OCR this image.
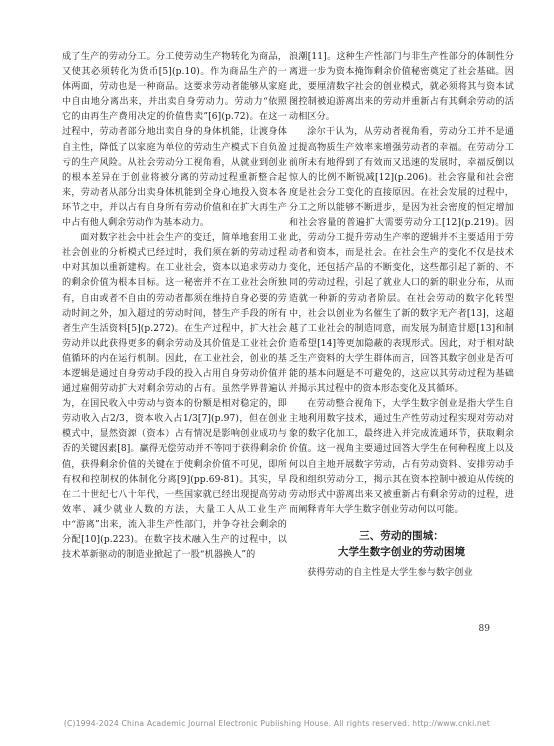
成了生产的劳动分工。分工使劳动生产物转化为商品，又使其必须转化为货币[5](p.10)。作为商品生产的一体两面，劳动也是一种商品。这要求劳动者能够从家庭中自由地分离出来，并出卖自身劳动力。劳动力“依照它的由再生产费用决定的价值售卖”[6](p.72)。在这一过程中，劳动者部分地出卖自身的身体机能，让渡身体自主性，降低了以家庭为单位的劳动生产模式下自负盈亏的生产风险。从社会劳动分工视角看，从就业到创业的根本差异在于创业将被分离的劳动过程重新整合起来，劳动者从部分出卖身体机能到全身心地投入资本各环节之中，并以占有自身所有劳动价值和在扩大再生产中占有他人剩余劳动作为基本动力。

面对数字社会中社会生产的变迁，简单地套用工业社会创业的分析模式已经过时，我们须在新的劳动过程中对其加以重新建构。在工业社会，资本以追求劳动力的剩余价值为根本目标。这一秘密并不在工业社会所独有，自由或者不自由的劳动者都须在维持自身必要的劳动时间之外，加入超过的劳动时间，替生产手段的所有者生产生活资料[5](p.272)。在生产过程中，扩大社会劳动并以此获得更多的剩余劳动及其价值是工业社会价值循环的内在运行机制。因此，在工业社会，创业的基本逻辑是通过自身劳动手段的投入占用自身劳动价值并通过雇佣劳动扩大对剩余劳动的占有。虽然学界普遍认为，在国民收入中劳动与资本的份额是相对稳定的，即劳动收入占2/3，资本收入占1/3[7](p.97)，但在创业模式中，显然资源（资本）占有情况是影响创业成功与否的关键因素[8]。赢得无偿劳动并不等同于获得剩余价值，获得剩余价值的关键在于使剩余价值不可见，即所有权和控制权的体制化分离[9](pp.69-81)。其实，早在二十世纪七八十年代，一些国家就已经出现提高劳动效率、减少就业人数的方法，大量工人从工业生产中“游离”出来，流入非生产性部门，并争夺社会剩余的分配[10](p.223)。在数字技术融入生产的过程中，以技术革新驱动的制造业掀起了一股“机器换人”的

浪潮[11]。这种生产性部门与非生产性部分的体制性分离进一步为资本掩饰剩余价值秘密奠定了社会基础。因此，要厘清数字社会的创业模式，就必须将其与资本试图控制被迫游离出来的劳动并重新占有其剩余劳动的活动相区分。

涂尔干认为，从劳动者视角看，劳动分工并不是通过提高物质生产效率来增强劳动者的幸福。在劳动分工前所未有地得到了有效而又迅速的发展时，幸福反倒以惊人的比例不断锐减[12](p.206)。社会容量和社会密度是社会分工变化的直接原因。在社会发展的过程中，分工之所以能够不断进步，是因为社会密度的恒定增加和社会容量的普遍扩大需要劳动分工[12](p.219)。因此，劳动分工提升劳动生产率的逻辑并不主要适用于劳动者和资本，而是社会。在社会生产的变化不仅是技术变化，还包括产品的不断变化，这些都引起了新的、不同的劳动过程，引起了就业人口的新的职业分布，从而造就一种新的劳动者阶层。在社会劳动的数字化转型中，社会以创业为名催生了新的数字无产者[13]，这超越了工业社会的制造同意，而发展为制造甘愿[13]和制造希望[14]等更加隐蔽的表现形式。因此，对于相对缺乏生产资料的大学生群体而言，回答其数字创业是否可能的基本问题是不可避免的，这应以其劳动过程为基础并揭示其过程中的资本形态变化及其循环。

在劳动整合视角下，大学生数字创业是指大学生自主地利用数字技术，通过生产性劳动过程实现对劳动对象的数字化加工，最终进入并完成流通环节，获取剩余价值。这一视角主要通过回答大学生在何种程度上以及何以自主地开展数字劳动，占有劳动资料、安排劳动手段和组织劳动分工，揭示其在资本控制中被迫从传统的劳动形式中游离出来又被重新占有剩余劳动的过程，进而阐释青年大学生数字创业劳动何以可能。

三、劳动的围城：
大学生数字创业的劳动困境

获得劳动的自主性是大学生参与数字创业

89
(C)1994-2024 China Academic Journal Electronic Publishing House. All rights reserved. http://www.cnki.net
